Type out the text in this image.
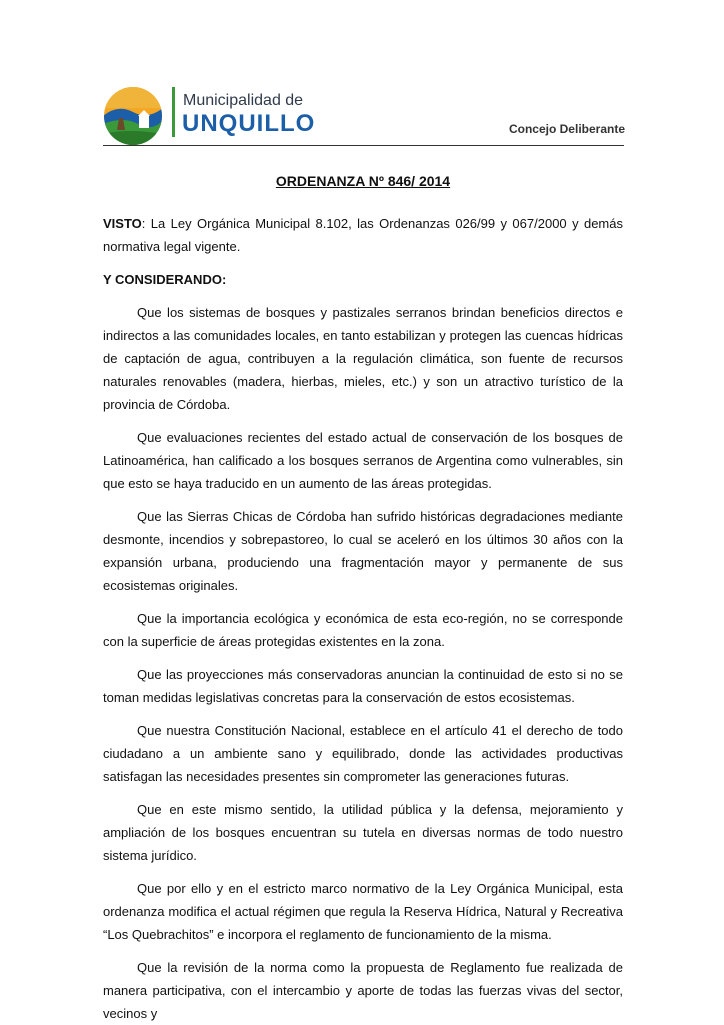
Municipalidad de
UNQUILLO	Concejo Deliberante
ORDENANZA Nº 846/ 2014

VISTO: La Ley Orgánica Municipal 8.102, las Ordenanzas 026/99 y 067/2000 y demás normativa legal vigente.

Y CONSIDERANDO:

Que los sistemas de bosques y pastizales serranos brindan beneficios directos e indirectos a las comunidades locales, en tanto estabilizan y protegen las cuencas hídricas de captación de agua, contribuyen a la regulación climática, son fuente de recursos naturales renovables (madera, hierbas, mieles, etc.) y son un atractivo turístico de la provincia de Córdoba.

Que evaluaciones recientes del estado actual de conservación de los bosques de Latinoamérica, han calificado a los bosques serranos de Argentina como vulnerables, sin que esto se haya traducido en un aumento de las áreas protegidas.

Que las Sierras Chicas de Córdoba han sufrido históricas degradaciones mediante desmonte, incendios y sobrepastoreo, lo cual se aceleró en los últimos 30 años con la expansión urbana, produciendo una fragmentación mayor y permanente de sus ecosistemas originales.

Que la importancia ecológica y económica de esta eco-región, no se corresponde con la superficie de áreas protegidas existentes en la zona.

Que las proyecciones más conservadoras anuncian la continuidad de esto si no se toman medidas legislativas concretas para la conservación de estos ecosistemas.

Que nuestra Constitución Nacional, establece en el artículo 41 el derecho de todo ciudadano a un ambiente sano y equilibrado, donde las actividades productivas satisfagan las necesidades presentes sin comprometer las generaciones futuras.

Que en este mismo sentido, la utilidad pública y la defensa, mejoramiento y ampliación de los bosques encuentran su tutela en diversas normas de todo nuestro sistema jurídico.

Que por ello y en el estricto marco normativo de la Ley Orgánica Municipal, esta ordenanza modifica el actual régimen que regula la Reserva Hídrica, Natural y Recreativa “Los Quebrachitos” e incorpora el reglamento de funcionamiento de la misma.

Que la revisión de la norma como la propuesta de Reglamento fue realizada de manera participativa, con el intercambio y aporte de todas las fuerzas vivas del sector, vecinos y
